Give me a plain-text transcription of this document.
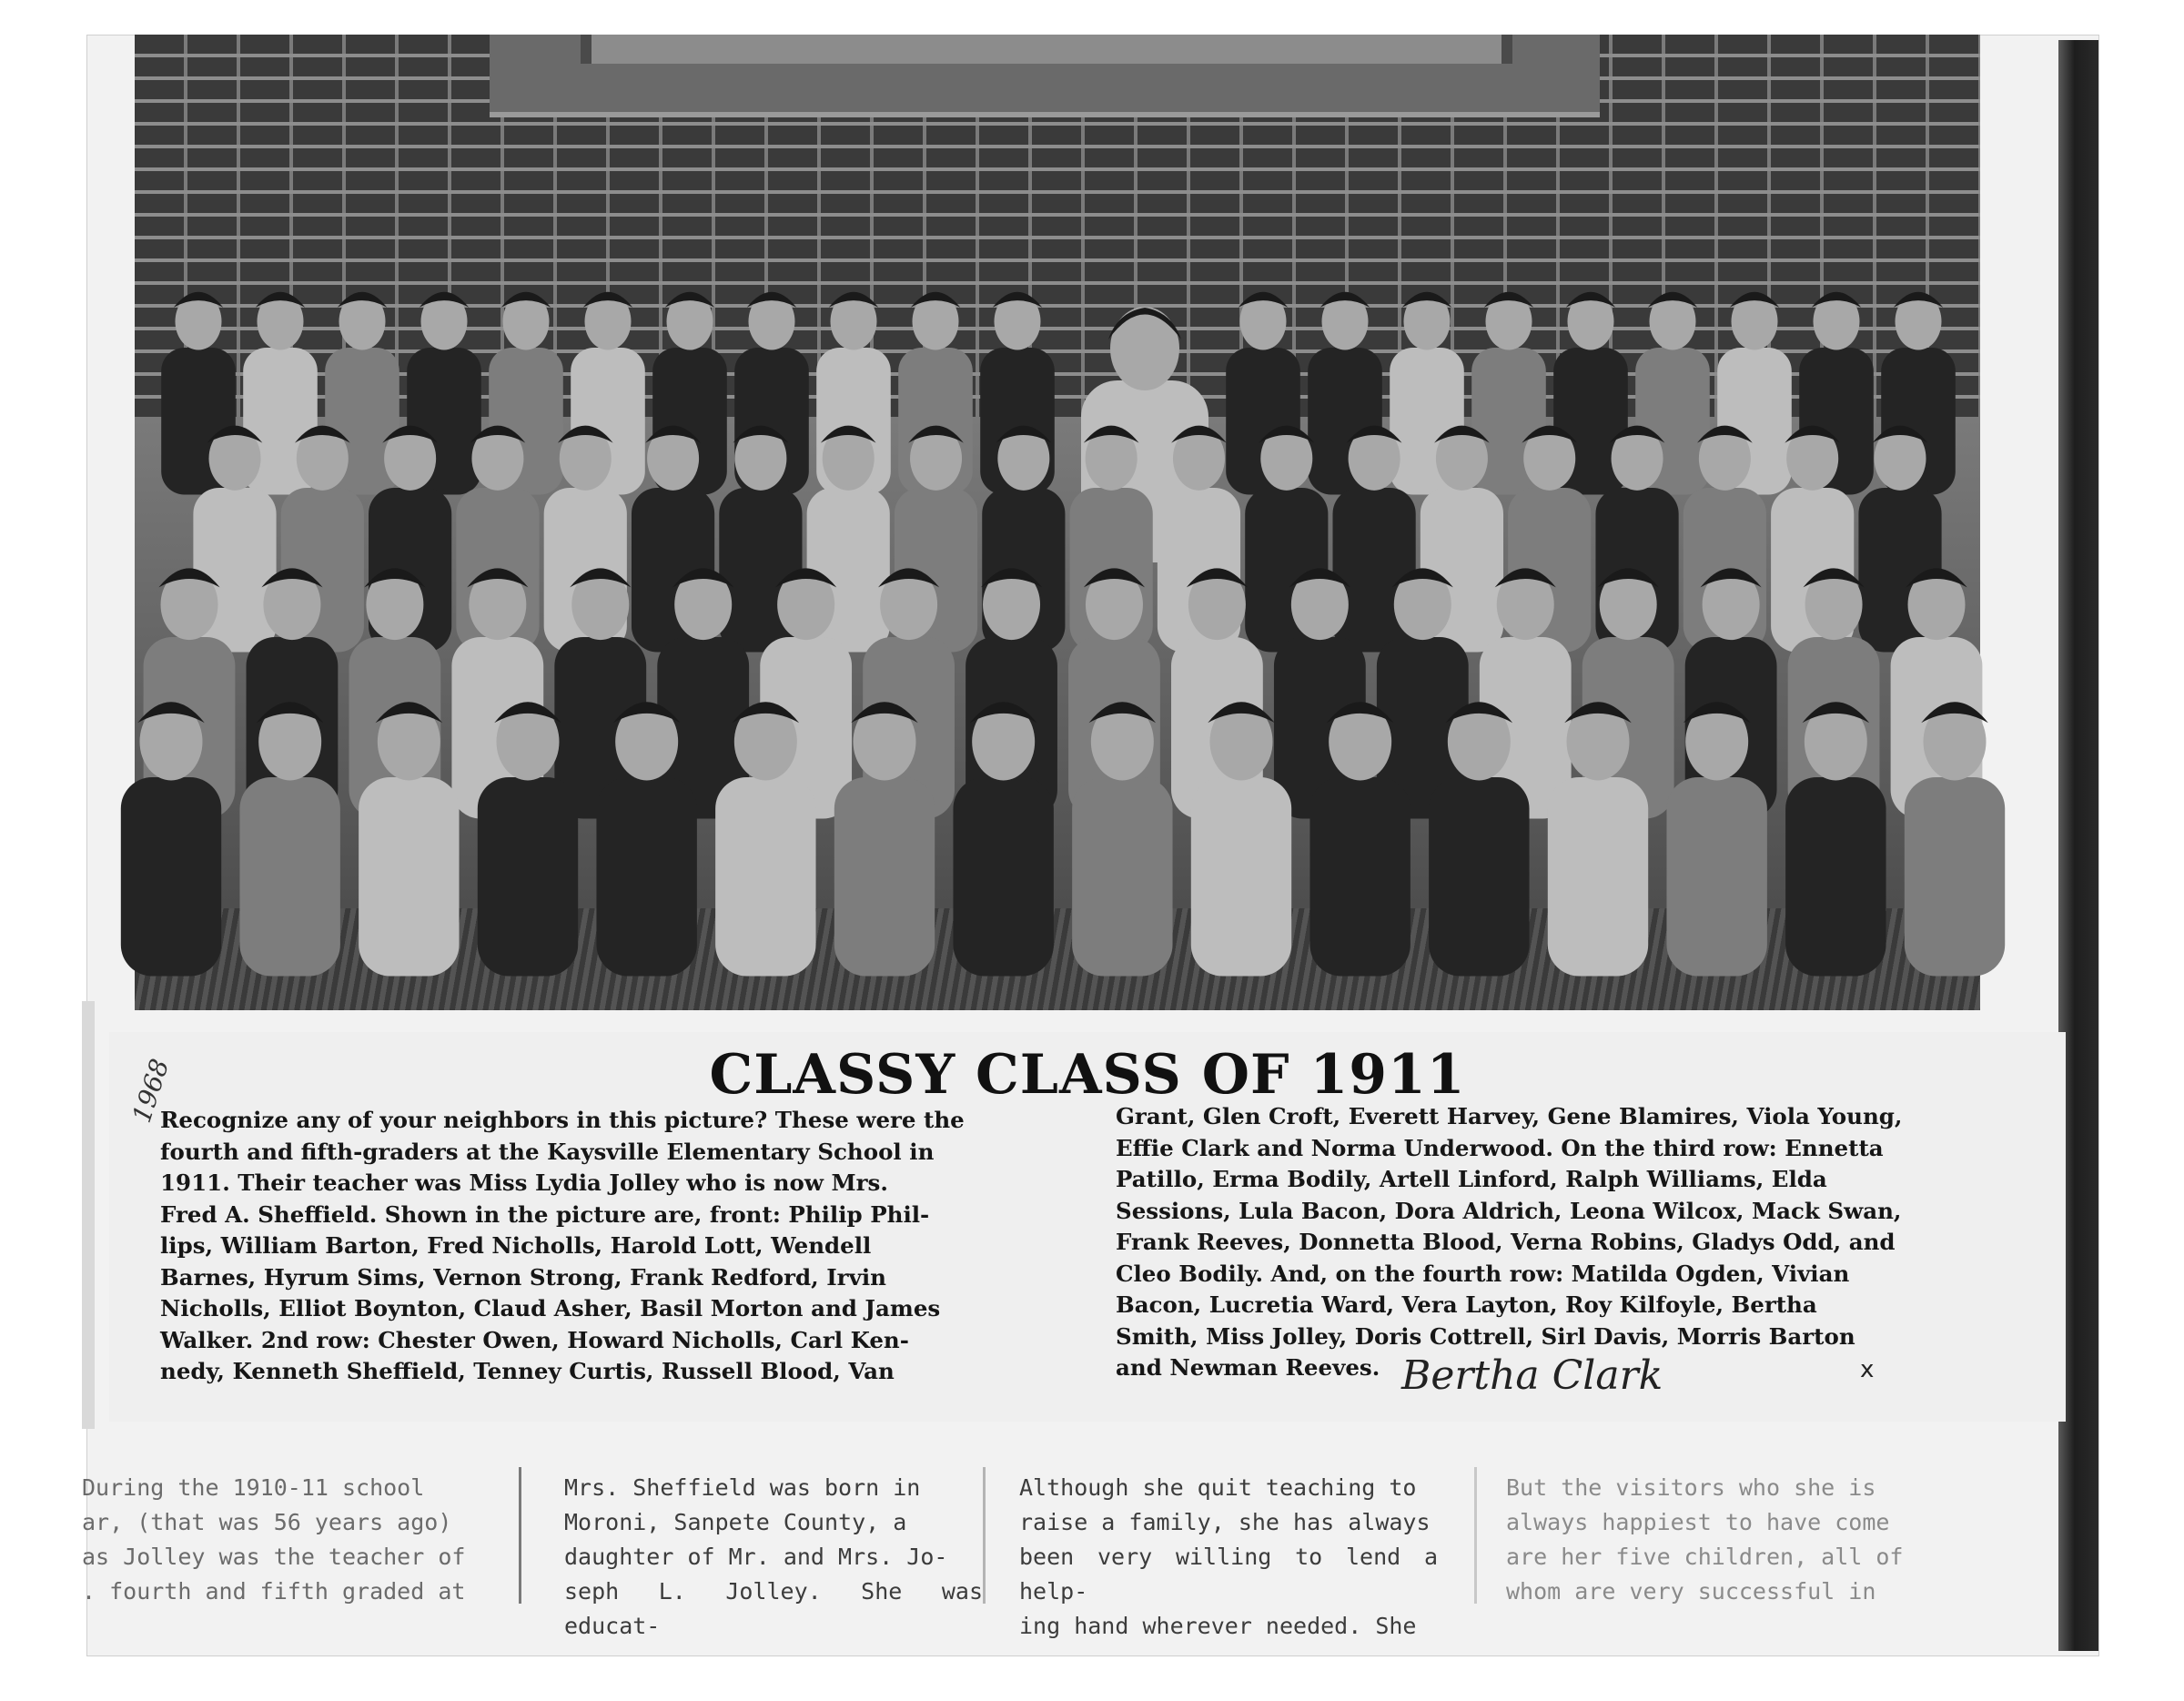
1968	CLASSY CLASS OF 1911
Recognize any of your neighbors in this picture? These were the
fourth and fifth-graders at the Kaysville Elementary School in
1911. Their teacher was Miss Lydia Jolley who is now Mrs.
Fred A. Sheffield. Shown in the picture are, front: Philip Phil-
lips, William Barton, Fred Nicholls, Harold Lott, Wendell
Barnes, Hyrum Sims, Vernon Strong, Frank Redford, Irvin
Nicholls, Elliot Boynton, Claud Asher, Basil Morton and James
Walker. 2nd row: Chester Owen, Howard Nicholls, Carl Ken-
nedy, Kenneth Sheffield, Tenney Curtis, Russell Blood, Van
Grant, Glen Croft, Everett Harvey, Gene Blamires, Viola Young,
Effie Clark and Norma Underwood. On the third row: Ennetta
Patillo, Erma Bodily, Artell Linford, Ralph Williams, Elda
Sessions, Lula Bacon, Dora Aldrich, Leona Wilcox, Mack Swan,
Frank Reeves, Donnetta Blood, Verna Robins, Gladys Odd, and
Cleo Bodily. And, on the fourth row: Matilda Ogden, Vivian
Bacon, Lucretia Ward, Vera Layton, Roy Kilfoyle, Bertha
Smith, Miss Jolley, Doris Cottrell, Sirl Davis, Morris Barton
and Newman Reeves. Bertha Clark	x
During the 1910-11 school
ar, (that was 56 years ago)
as Jolley was the teacher of
. fourth and fifth graded at
Mrs. Sheffield was born in
Moroni, Sanpete County, a
daughter of Mr. and Mrs. Jo-
seph L. Jolley. She was educat-
Although she quit teaching to
raise a family, she has always
been very willing to lend a help-
ing hand wherever needed. She
But the visitors who she is
always happiest to have come
are her five children, all of
whom are very successful in
